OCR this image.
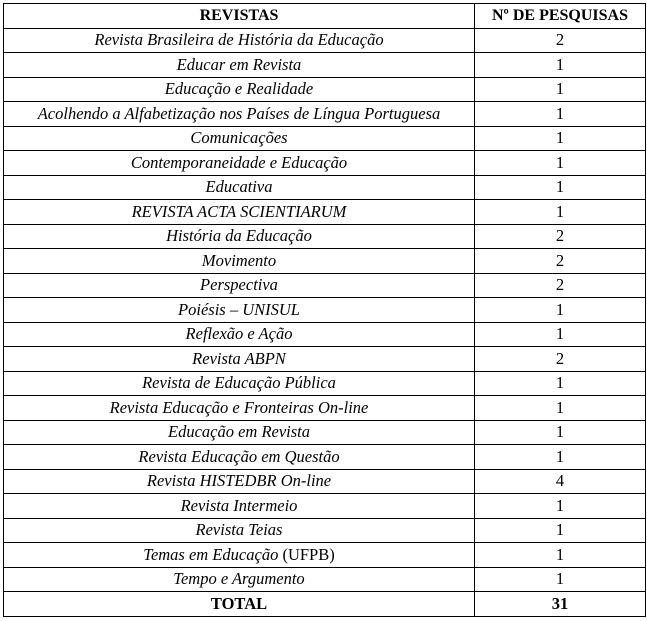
REVISTAS	Nº DE PESQUISAS
Revista Brasileira de História da Educação	2
Educar em Revista	1
Educação e Realidade	1
Acolhendo a Alfabetização nos Países de Língua Portuguesa	1
Comunicações	1
Contemporaneidade e Educação	1
Educativa	1
REVISTA ACTA SCIENTIARUM	1
História da Educação	2
Movimento	2
Perspectiva	2
Poiésis – UNISUL	1
Reflexão e Ação	1
Revista ABPN	2
Revista de Educação Pública	1
Revista Educação e Fronteiras On-line	1
Educação em Revista	1
Revista Educação em Questão	1
Revista HISTEDBR On-line	4
Revista Intermeio	1
Revista Teias	1
Temas em Educação (UFPB)	1
Tempo e Argumento	1
TOTAL	31
